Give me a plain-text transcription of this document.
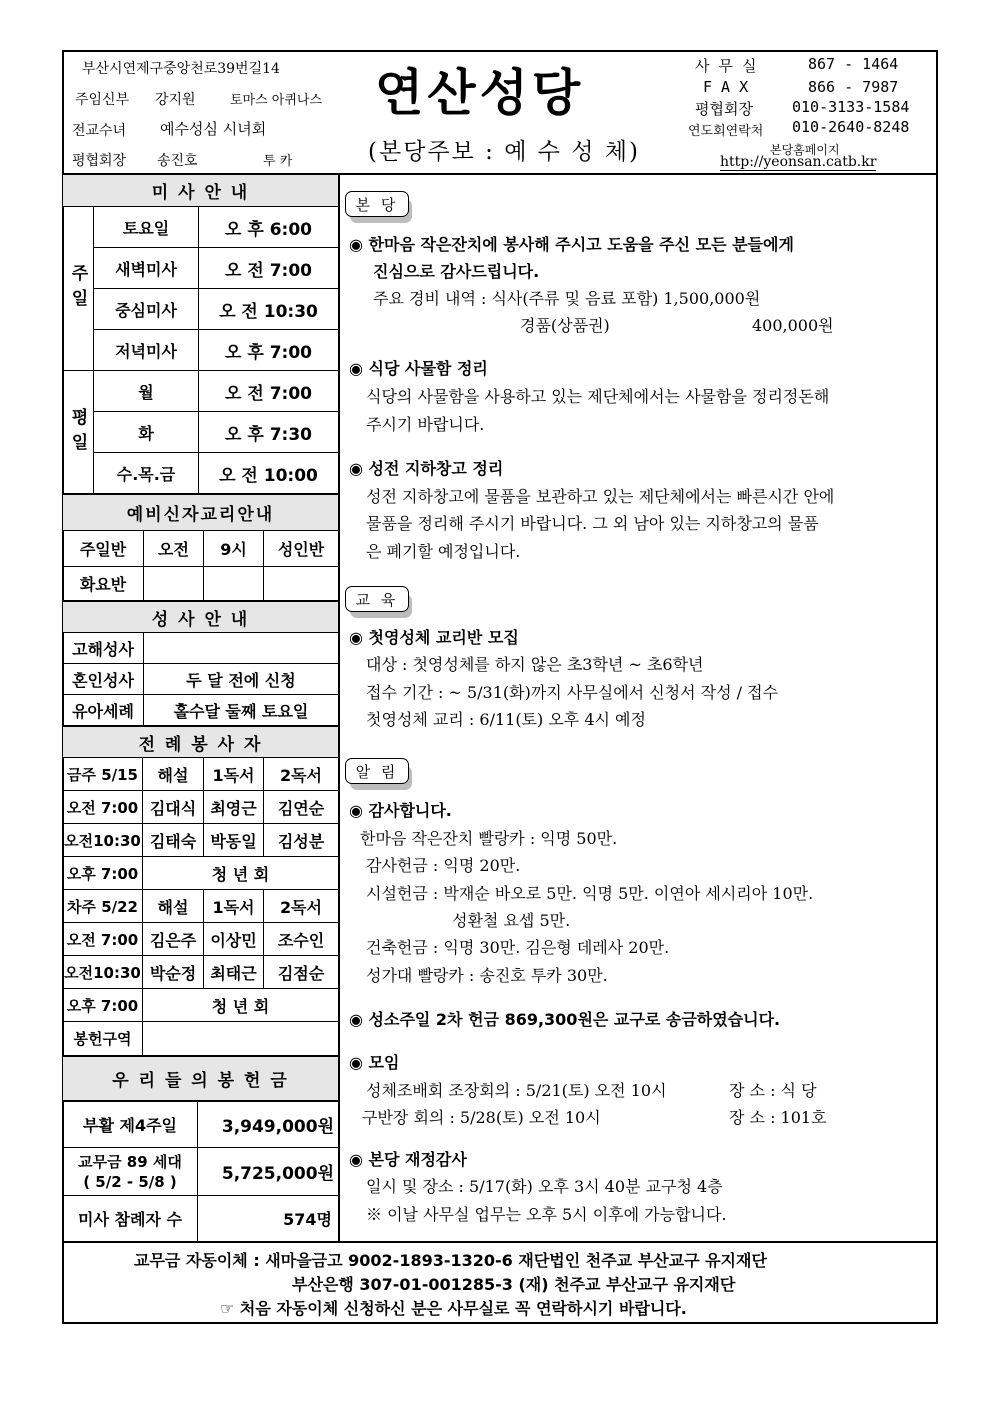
부산시연제구중앙천로39번길14
주임신부 강지원	토마스 아퀴나스
전교수녀 예수성심 시녀회
평협회장 송진호	투 카
연산성당
(본당주보 : 예 수 성 체)
사 무 실	867 - 1464
F A X	866 - 7987
평협회장	010-3133-1584
연도회연락처 010-2640-8248
본당홈페이지
http://yeonsan.catb.kr
미 사 안 내
주일
평일
토요일	오 후 6:00
새벽미사	오 전 7:00
중심미사	오 전 10:30
저녁미사	오 후 7:00
월	오 전 7:00
화	오 후 7:30
수.목.금	오 전 10:00
예비신자교리안내
주일반	오전	9시	성인반
화요반
성 사 안 내
고해성사
혼인성사	두 달 전에 신청
유아세례	홀수달 둘째 토요일
전 례 봉 사 자
금주 5/15	해설	1독서	2독서
오전 7:00 김대식 최영근	김연순
오전10:30 김태숙 박동일	김성분
오후 7:00	청 년 회
차주 5/22	해설	1독서	2독서
오전 7:00 김은주 이상민	조수인
오전10:30 박순정 최태근	김점순
오후 7:00	청 년 회
봉헌구역
우 리 들 의 봉 헌 금
부활 제4주일	3,949,000원
교무금 89 세대
( 5/2 - 5/8 )	5,725,000원
미사 참례자 수	574명
본 당
◉ 한마음 작은잔치에 봉사해 주시고 도움을 주신 모든 분들에게
진심으로 감사드립니다.
주요 경비 내역 : 식사(주류 및 음료 포함) 1,500,000원
경품(상품권)	400,000원
◉ 식당 사물함 정리
식당의 사물함을 사용하고 있는 제단체에서는 사물함을 정리정돈해
주시기 바랍니다.
◉ 성전 지하창고 정리
성전 지하창고에 물품을 보관하고 있는 제단체에서는 빠른시간 안에
물품을 정리해 주시기 바랍니다. 그 외 남아 있는 지하창고의 물품
은 폐기할 예정입니다.
교 육
◉ 첫영성체 교리반 모집
대상 : 첫영성체를 하지 않은 초3학년 ~ 초6학년
접수 기간 : ~ 5/31(화)까지 사무실에서 신청서 작성 / 접수
첫영성체 교리 : 6/11(토) 오후 4시 예정
알 림
◉ 감사합니다.
한마음 작은잔치 빨랑카 : 익명 50만.
감사헌금 : 익명 20만.
시설헌금 : 박재순 바오로 5만. 익명 5만. 이연아 세시리아 10만.
성환철 요셉 5만.
건축헌금 : 익명 30만. 김은형 데레사 20만.
성가대 빨랑카 : 송진호 투카 30만.
◉ 성소주일 2차 헌금 869,300원은 교구로 송금하였습니다.
◉ 모임
성체조배회 조장회의 : 5/21(토) 오전 10시	장 소 : 식 당
구반장 회의 : 5/28(토) 오전 10시	장 소 : 101호
◉ 본당 재정감사
일시 및 장소 : 5/17(화) 오후 3시 40분 교구청 4층
※ 이날 사무실 업무는 오후 5시 이후에 가능합니다.
교무금 자동이체 : 새마을금고 9002-1893-1320-6 재단법인 천주교 부산교구 유지재단
부산은행 307-01-001285-3 (재) 천주교 부산교구 유지재단
☞ 처음 자동이체 신청하신 분은 사무실로 꼭 연락하시기 바랍니다.
